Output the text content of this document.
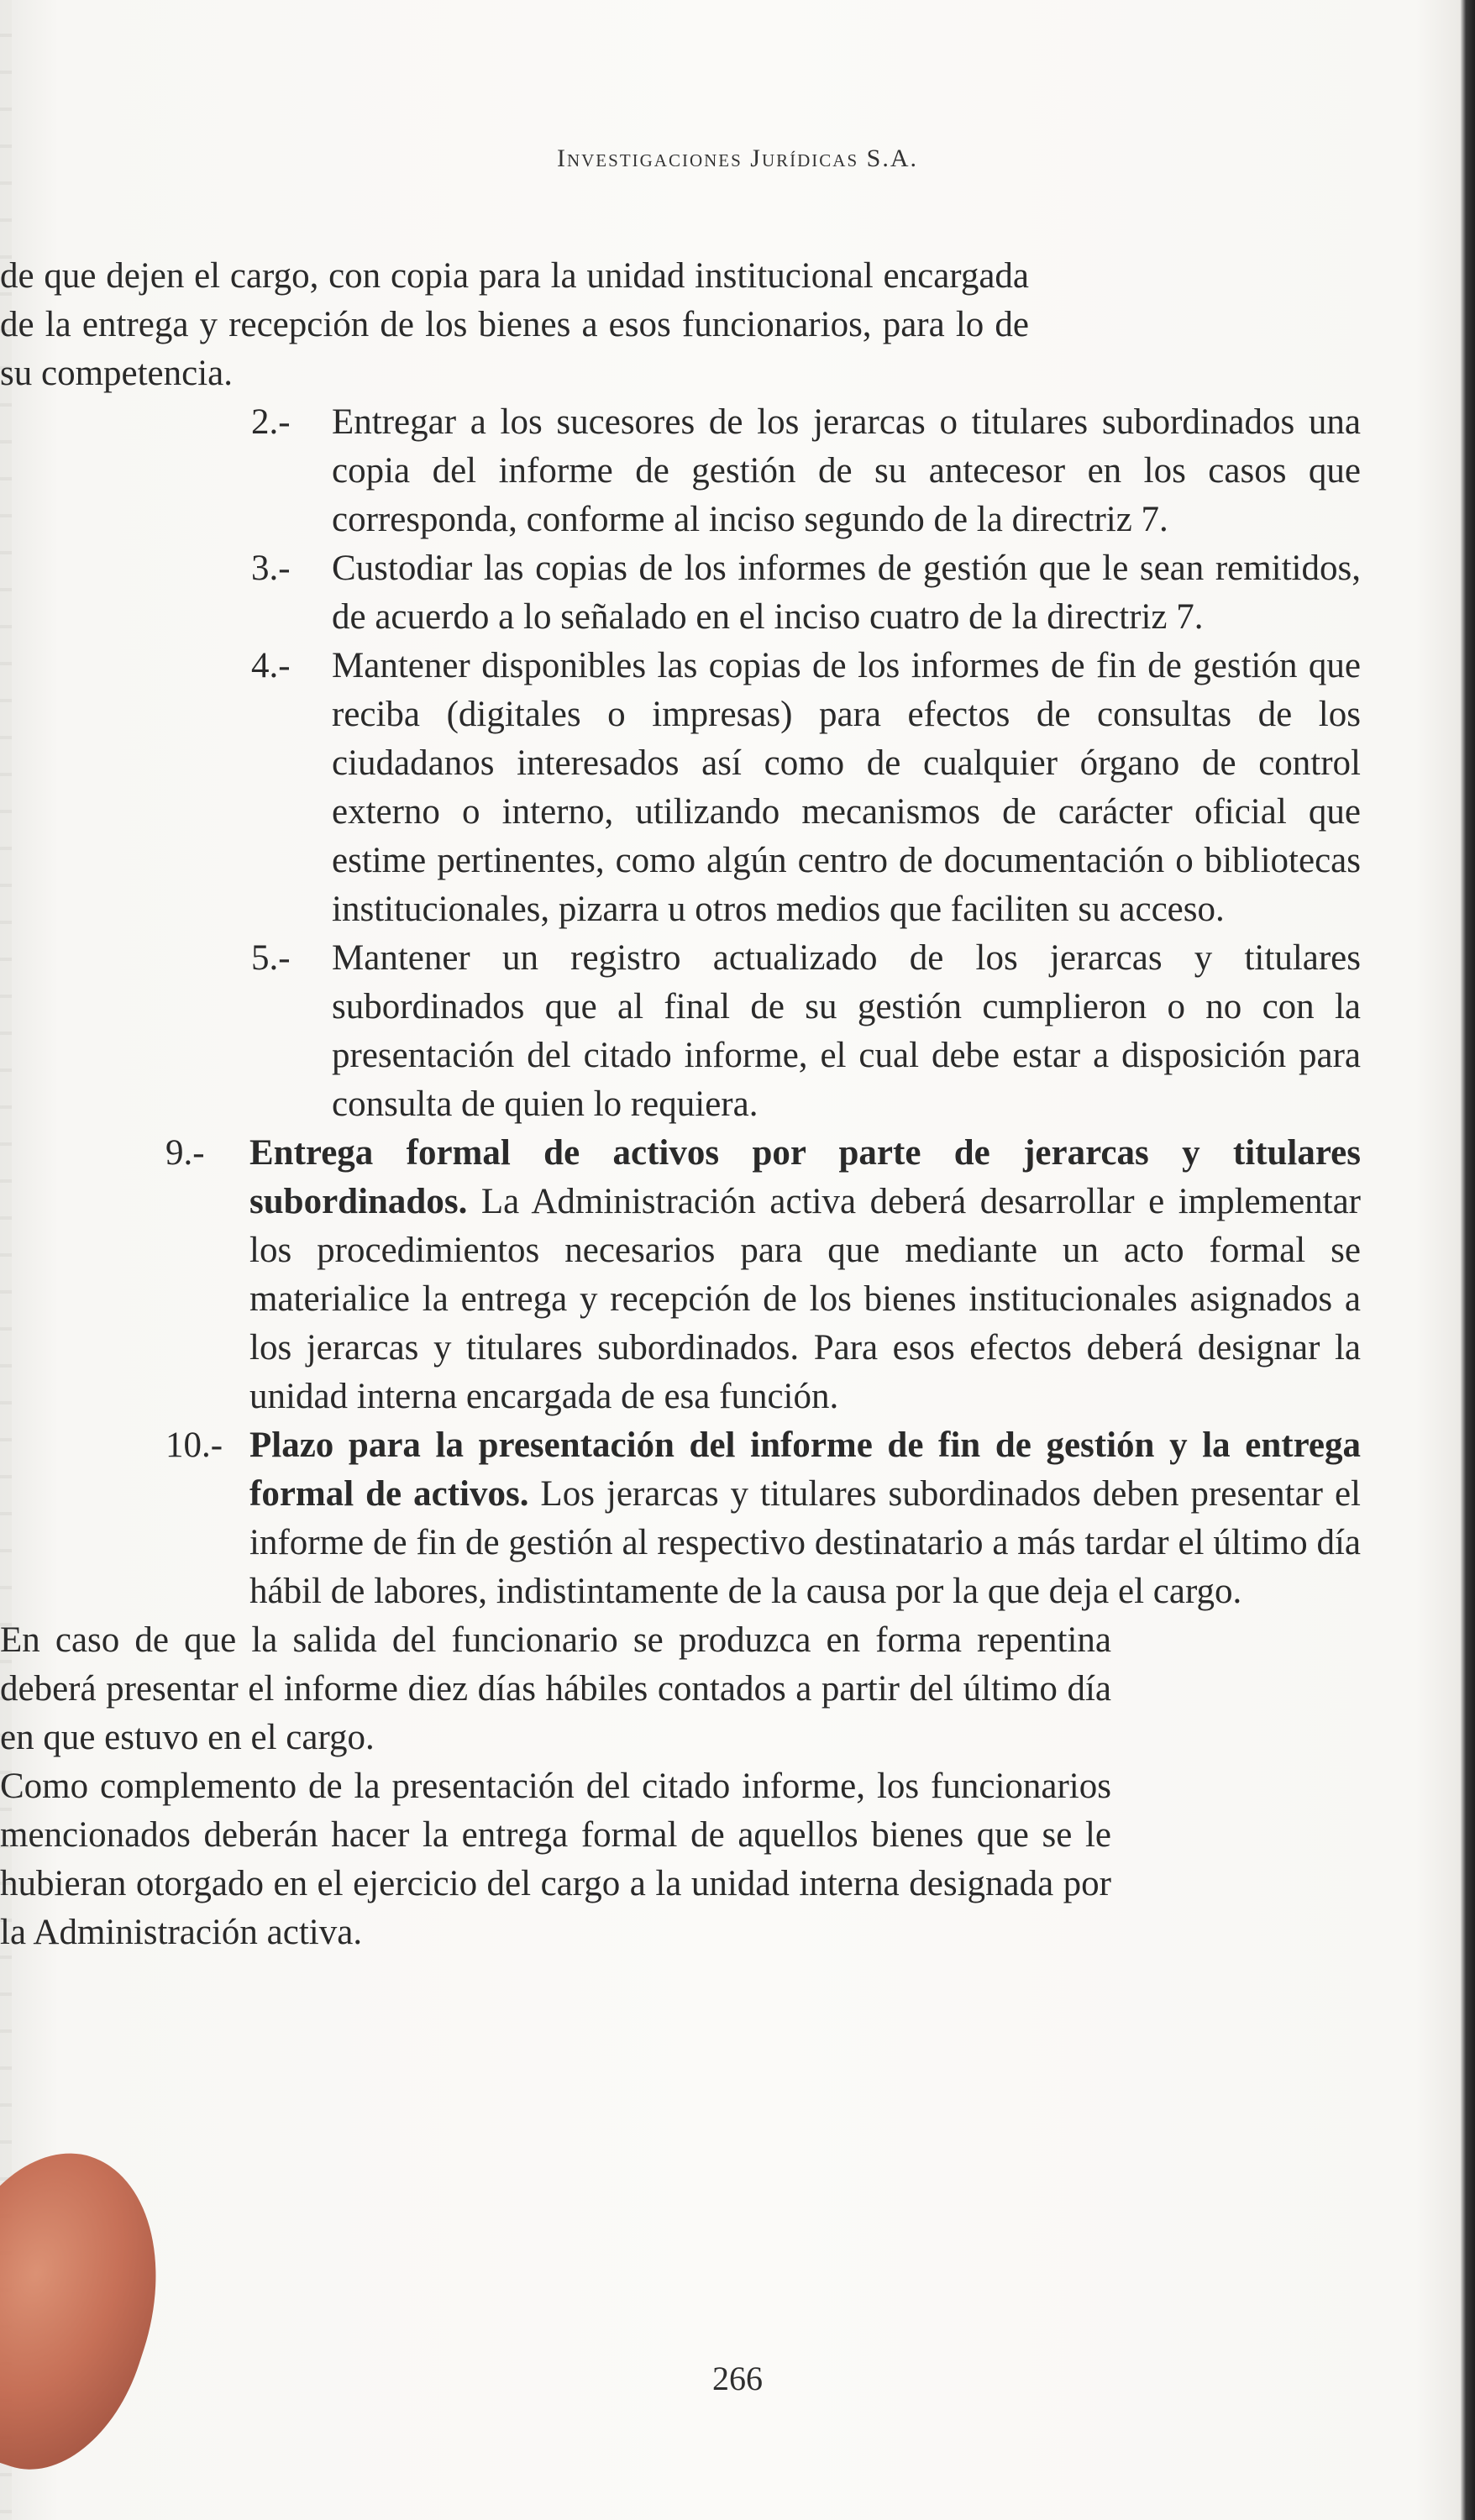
Investigaciones Jurídicas S.A.

de que dejen el cargo, con copia para la unidad institucional encargada de la entrega y recepción de los bienes a esos funcionarios, para lo de su competencia.

2.- Entregar a los sucesores de los jerarcas o titulares subordinados una copia del informe de gestión de su antecesor en los casos que corresponda, conforme al inciso segundo de la directriz 7.
3.- Custodiar las copias de los informes de gestión que le sean remitidos, de acuerdo a lo señalado en el inciso cuatro de la directriz 7.
4.- Mantener disponibles las copias de los informes de fin de gestión que reciba (digitales o impresas) para efectos de consultas de los ciudadanos interesados así como de cualquier órgano de control externo o interno, utilizando mecanismos de carácter oficial que estime pertinentes, como algún centro de documentación o bibliotecas institucionales, pizarra u otros medios que faciliten su acceso.
5.- Mantener un registro actualizado de los jerarcas y titulares subordinados que al final de su gestión cumplieron o no con la presentación del citado informe, el cual debe estar a disposición para consulta de quien lo requiera.
9.- Entrega formal de activos por parte de jerarcas y titulares subordinados. La Administración activa deberá desarrollar e implementar los procedimientos necesarios para que mediante un acto formal se materialice la entrega y recepción de los bienes institucionales asignados a los jerarcas y titulares subordinados. Para esos efectos deberá designar la unidad interna encargada de esa función.
10.- Plazo para la presentación del informe de fin de gestión y la entrega formal de activos. Los jerarcas y titulares subordinados deben presentar el informe de fin de gestión al respectivo destinatario a más tardar el último día hábil de labores, indistintamente de la causa por la que deja el cargo.

En caso de que la salida del funcionario se produzca en forma repentina deberá presentar el informe diez días hábiles contados a partir del último día en que estuvo en el cargo.

Como complemento de la presentación del citado informe, los funcionarios mencionados deberán hacer la entrega formal de aquellos bienes que se le hubieran otorgado en el ejercicio del cargo a la unidad interna designada por la Administración activa.

266
